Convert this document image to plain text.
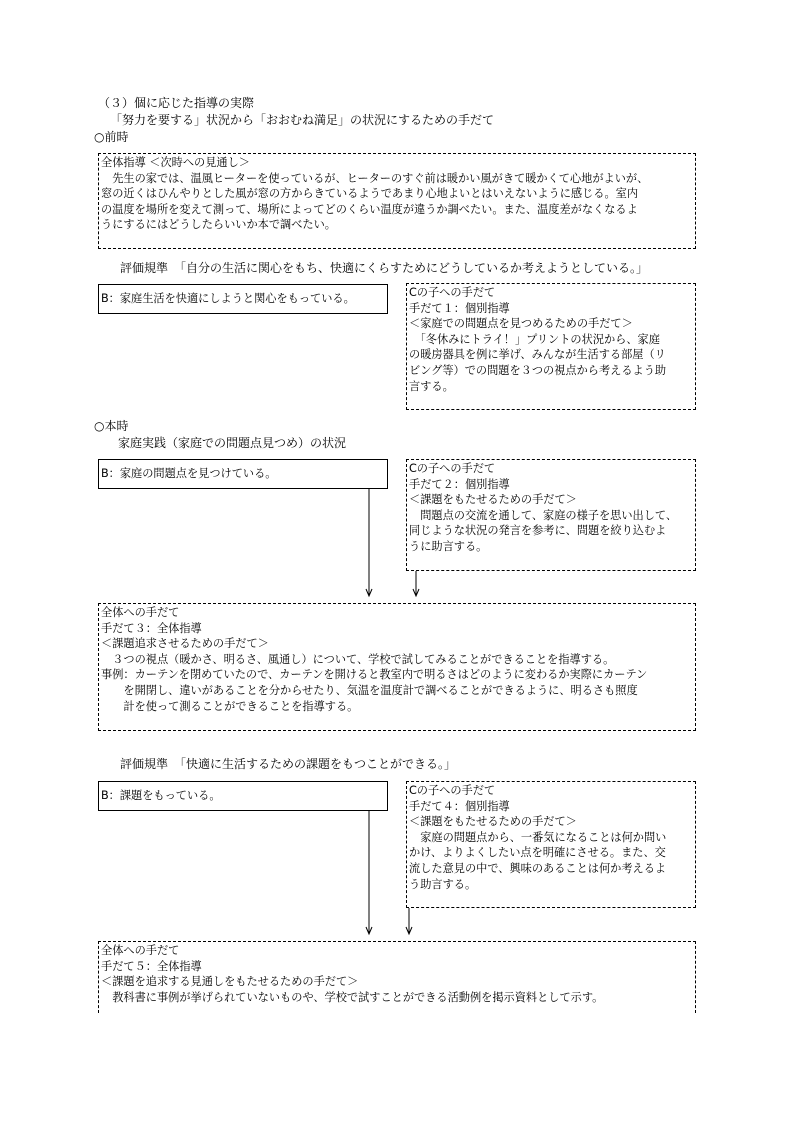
（３）個に応じた指導の実際
「努力を要する」状況から「おおむね満足」の状況にするための手だて
○前時
全体指導 ＜次時への見通し＞
　先生の家では、温風ヒーターを使っているが、ヒーターのすぐ前は暖かい風がきて暖かくて心地がよいが、
窓の近くはひんやりとした風が窓の方からきているようであまり心地よいとはいえないように感じる。室内
の温度を場所を変えて測って、場所によってどのくらい温度が違うか調べたい。また、温度差がなくなるよ
うにするにはどうしたらいいか本で調べたい。
評価規準　「自分の生活に関心をもち、快適にくらすためにどうしているか考えようとしている。」
B：家庭生活を快適にしようと関心をもっている。	Cの子への手だて
手だて１：個別指導
＜家庭での問題点を見つめるための手だて＞
　「冬休みにトライ！」プリントの状況から、家庭
の暖房器具を例に挙げ、みんなが生活する部屋（リ
ビング等）での問題を３つの視点から考えるよう助
言する。
○本時
家庭実践（家庭での問題点見つめ）の状況
B：家庭の問題点を見つけている。	Cの子への手だて
手だて２：個別指導
＜課題をもたせるための手だて＞
　問題点の交流を通して、家庭の様子を思い出して、
同じような状況の発言を参考に、問題を絞り込むよ
うに助言する。
全体への手だて
手だて３：全体指導
＜課題追求させるための手だて＞
　３つの視点（暖かさ、明るさ、風通し）について、学校で試してみることができることを指導する。
事例：カーテンを閉めていたので、カーテンを開けると教室内で明るさはどのように変わるか実際にカーテン
　　を開閉し、違いがあることを分からせたり、気温を温度計で調べることができるように、明るさも照度
　　計を使って測ることができることを指導する。
評価規準　「快適に生活するための課題をもつことができる。」
B：課題をもっている。	Cの子への手だて
手だて４：個別指導
＜課題をもたせるための手だて＞
　家庭の問題点から、一番気になることは何か問い
かけ、よりよくしたい点を明確にさせる。また、交
流した意見の中で、興味のあることは何か考えるよ
う助言する。
全体への手だて
手だて５：全体指導
＜課題を追求する見通しをもたせるための手だて＞
　教科書に事例が挙げられていないものや、学校で試すことができる活動例を掲示資料として示す。
